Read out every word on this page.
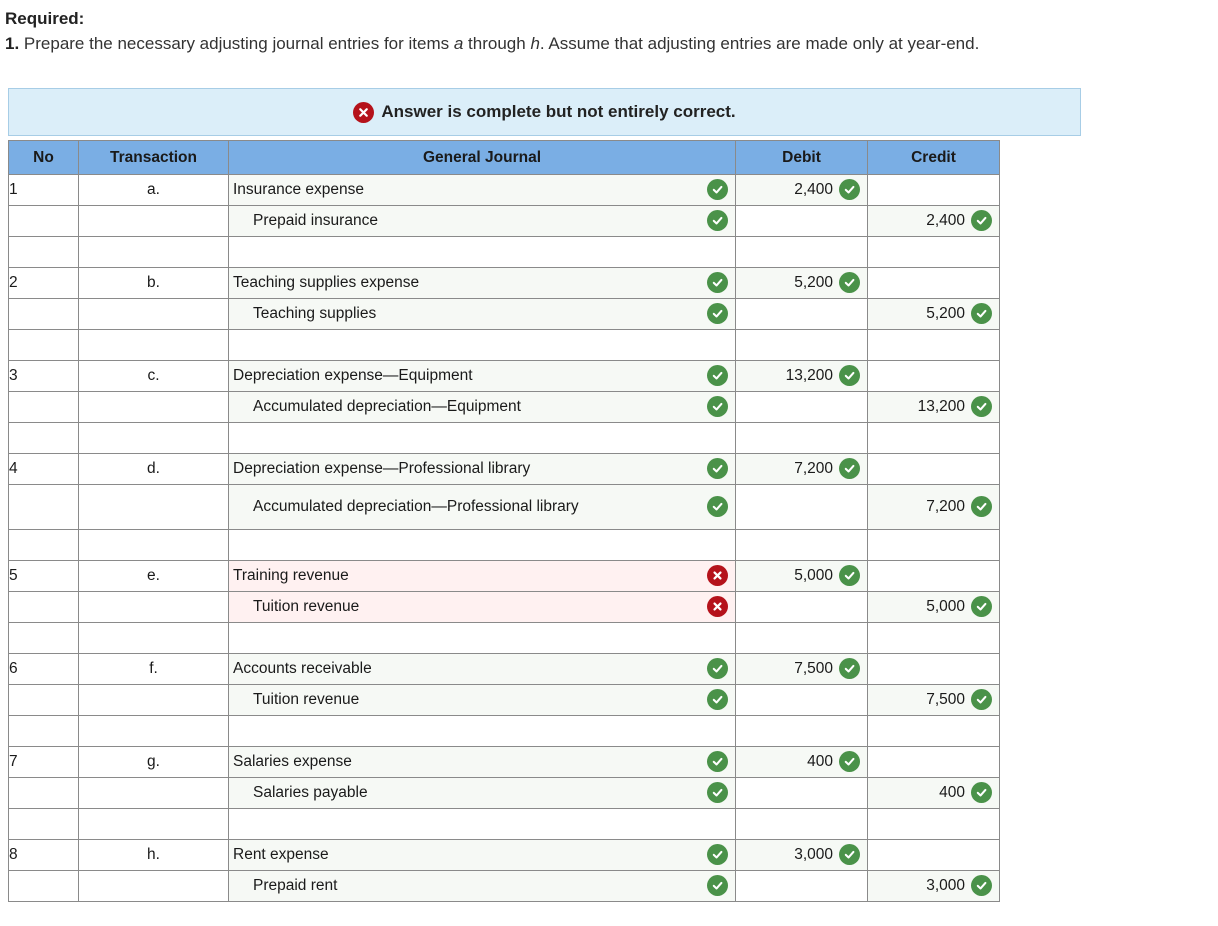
Required:
1. Prepare the necessary adjusting journal entries for items a through h. Assume that adjusting entries are made only at year-end.
Answer is complete but not entirely correct.
No	Transaction	General Journal	Debit	Credit
1	a.	Insurance expense	2,400	

		Prepaid insurance		2,400

2	b.	Teaching supplies expense	5,200	

		Teaching supplies		5,200

3	c.	Depreciation expense—Equipment	13,200	

		Accumulated depreciation—Equipment		13,200

4	d.	Depreciation expense—Professional library	7,200	

		Accumulated depreciation—Professional library		7,200

5	e.	Training revenue	5,000	

		Tuition revenue		5,000

6	f.	Accounts receivable	7,500	

		Tuition revenue		7,500

7	g.	Salaries expense	400	

		Salaries payable		400

8	h.	Rent expense	3,000	

		Prepaid rent		3,000
